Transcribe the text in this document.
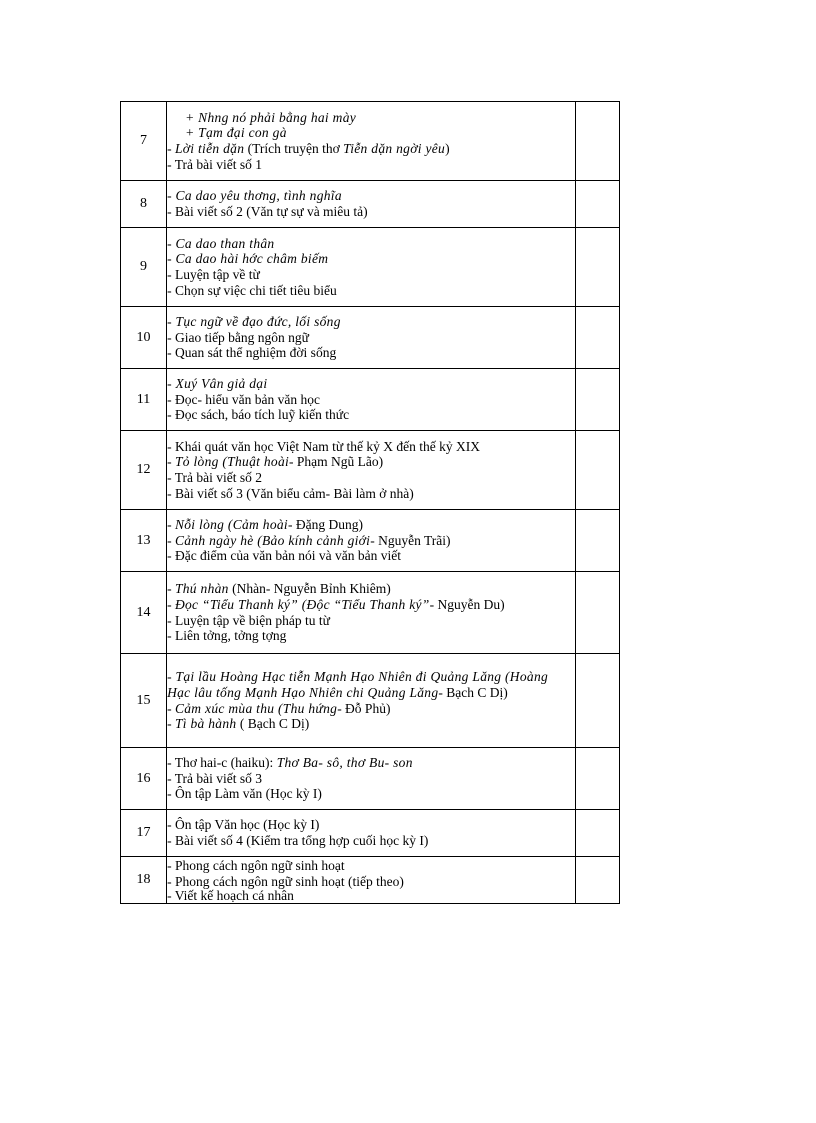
7	+ Nhng nó phải bằng hai mày
+ Tạm đại con gà
- Lời tiễn dặn (Trích truyện thơ Tiễn dặn ngời yêu)
- Trả bài viết số 1	

8	- Ca dao yêu thơng, tình nghĩa
- Bài viết số 2 (Văn tự sự và miêu tả)	

9	- Ca dao than thân
- Ca dao hài hớc châm biếm
- Luyện tập về từ
- Chọn sự việc chi tiết tiêu biểu	

10	- Tục ngữ về đạo đức, lối sống
- Giao tiếp bằng ngôn ngữ
- Quan sát thể nghiệm đời sống	

11	- Xuý Vân giả dại
- Đọc- hiểu văn bản văn học
- Đọc sách, báo tích luỹ kiến thức	

12	- Khái quát văn học Việt Nam từ thế kỷ X đến thế kỷ XIX
- Tỏ lòng (Thuật hoài- Phạm Ngũ Lão)
- Trả bài viết số 2
- Bài viết số 3 (Văn biểu cảm- Bài làm ở nhà)	

13	- Nỗi lòng (Cảm hoài- Đặng Dung)
- Cảnh ngày hè (Bảo kính cảnh giới- Nguyễn Trãi)
- Đặc điểm của văn bản nói và văn bản viết	

14	- Thú nhàn (Nhàn- Nguyễn Bỉnh Khiêm)
- Đọc “Tiểu Thanh ký” (Độc “Tiểu Thanh ký”- Nguyễn Du)
- Luyện tập về biện pháp tu từ
- Liên tởng, tởng tợng	

15	- Tại lầu Hoàng Hạc tiễn Mạnh Hạo Nhiên đi Quảng Lăng (Hoàng Hạc lâu tống Mạnh Hạo Nhiên chi Quảng Lăng- Bạch C Dị)
- Cảm xúc mùa thu (Thu hứng- Đỗ Phủ)
- Tì bà hành ( Bạch C Dị)	

16	- Thơ hai-c (haiku): Thơ Ba- sô, thơ Bu- son
- Trả bài viết số 3
- Ôn tập Làm văn (Học kỳ I)	

17	- Ôn tập Văn học (Học kỳ I)
- Bài viết số 4 (Kiểm tra tổng hợp cuối học kỳ I)	

18	- Phong cách ngôn ngữ sinh hoạt
- Phong cách ngôn ngữ sinh hoạt (tiếp theo)
- Viết kế hoạch cá nhân	
